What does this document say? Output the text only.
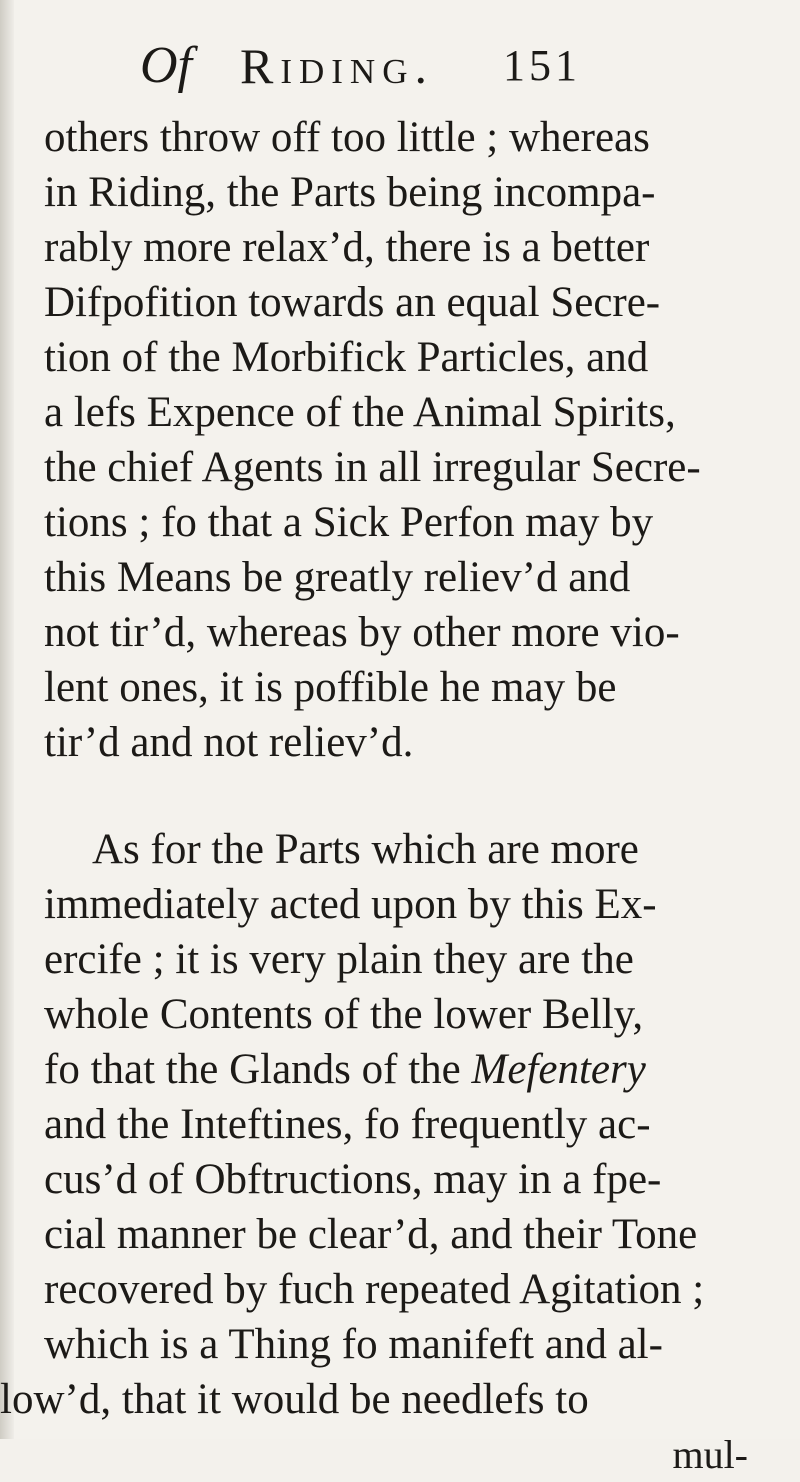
Of Riding. 151
others throw off too little ; whereas
in Riding, the Parts being incompa-
rably more relax’d, there is a better
Difpofition towards an equal Secre-
tion of the Morbifick Particles, and
a lefs Expence of the Animal Spirits,
the chief Agents in all irregular Secre-
tions ; fo that a Sick Perfon may by
this Means be greatly reliev’d and
not tir’d, whereas by other more vio-
lent ones, it is poffible he may be
tir’d and not reliev’d.
As for the Parts which are more
immediately acted upon by this Ex-
ercife ; it is very plain they are the
whole Contents of the lower Belly,
fo that the Glands of the Mefentery
and the Inteftines, fo frequently ac-
cus’d of Obftructions, may in a fpe-
cial manner be clear’d, and their Tone
recovered by fuch repeated Agitation ;
which is a Thing fo manifeft and al-
low’d, that it would be needlefs to
mul-
